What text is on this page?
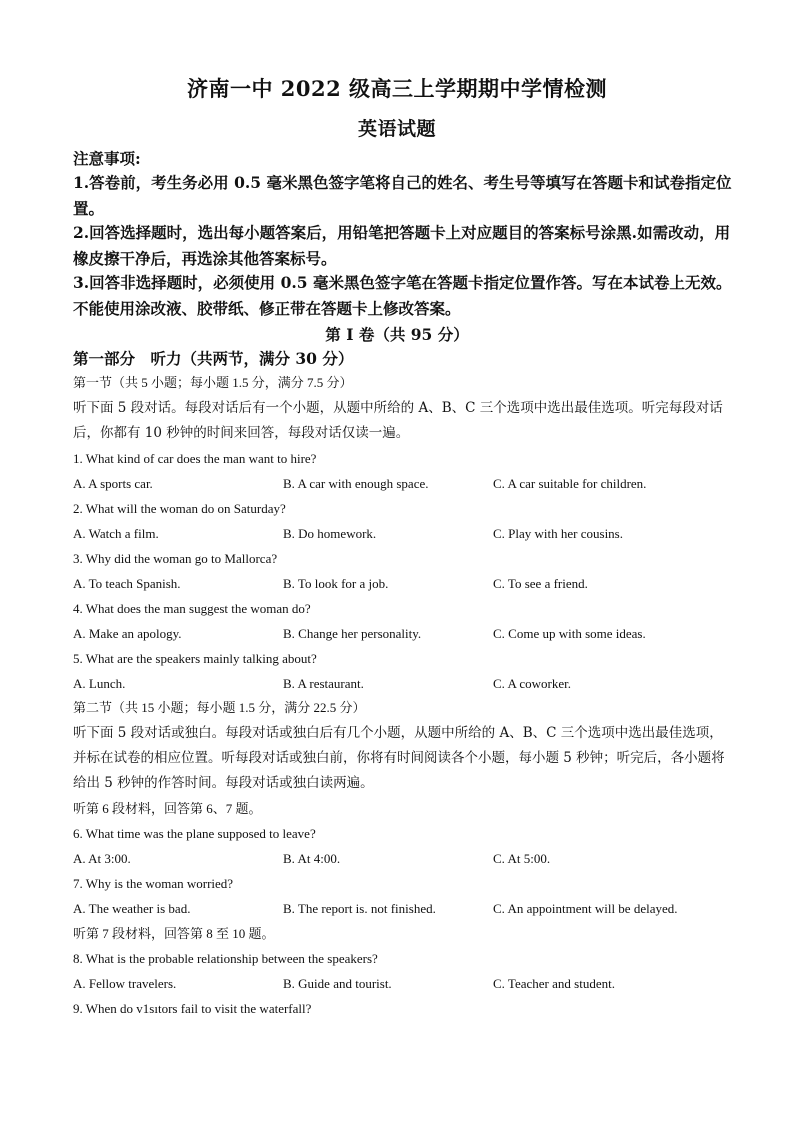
济南一中 2022 级高三上学期期中学情检测
英语试题
注意事项:
1.答卷前，考生务必用 0.5 毫米黑色签字笔将自己的姓名、考生号等填写在答题卡和试卷指定位置。
2.回答选择题时，选出每小题答案后，用铅笔把答题卡上对应题目的答案标号涂黑.如需改动，用橡皮擦干净后，再选涂其他答案标号。
3.回答非选择题时，必须使用 0.5 毫米黑色签字笔在答题卡指定位置作答。写在本试卷上无效。不能使用涂改液、胶带纸、修正带在答题卡上修改答案。
第 I 卷（共 95 分）
第一部分　听力（共两节，满分 30 分）
第一节（共 5 小题；每小题 1.5 分，满分 7.5 分）
听下面 5 段对话。每段对话后有一个小题，从题中所给的 A、B、C 三个选项中选出最佳选项。听完每段对话后，你都有 10 秒钟的时间来回答，每段对话仅读一遍。
1. What kind of car does the man want to hire?
A. A sports car.	B. A car with enough space.	C. A car suitable for children.
2. What will the woman do on Saturday?
A. Watch a film.	B. Do homework.	C. Play with her cousins.
3. Why did the woman go to Mallorca?
A. To teach Spanish.	B. To look for a job.	C. To see a friend.
4. What does the man suggest the woman do?
A. Make an apology.	B. Change her personality.	C. Come up with some ideas.
5. What are the speakers mainly talking about?
A. Lunch.	B. A restaurant.	C. A coworker.
第二节（共 15 小题；每小题 1.5 分，满分 22.5 分）
听下面 5 段对话或独白。每段对话或独白后有几个小题，从题中所给的 A、B、C 三个选项中选出最佳选项，并标在试卷的相应位置。听每段对话或独白前，你将有时间阅读各个小题，每小题 5 秒钟；听完后，各小题将给出 5 秒钟的作答时间。每段对话或独白读两遍。
听第 6 段材料，回答第 6、7 题。
6. What time was the plane supposed to leave?
A. At 3:00.	B. At 4:00.	C. At 5:00.
7. Why is the woman worried?
A. The weather is bad.	B. The report is. not finished.	C. An appointment will be delayed.
听第 7 段材料，回答第 8 至 10 题。
8. What is the probable relationship between the speakers?
A. Fellow travelers.	B. Guide and tourist.	C. Teacher and student.
9. When do v1sıtors fail to visit the waterfall?
